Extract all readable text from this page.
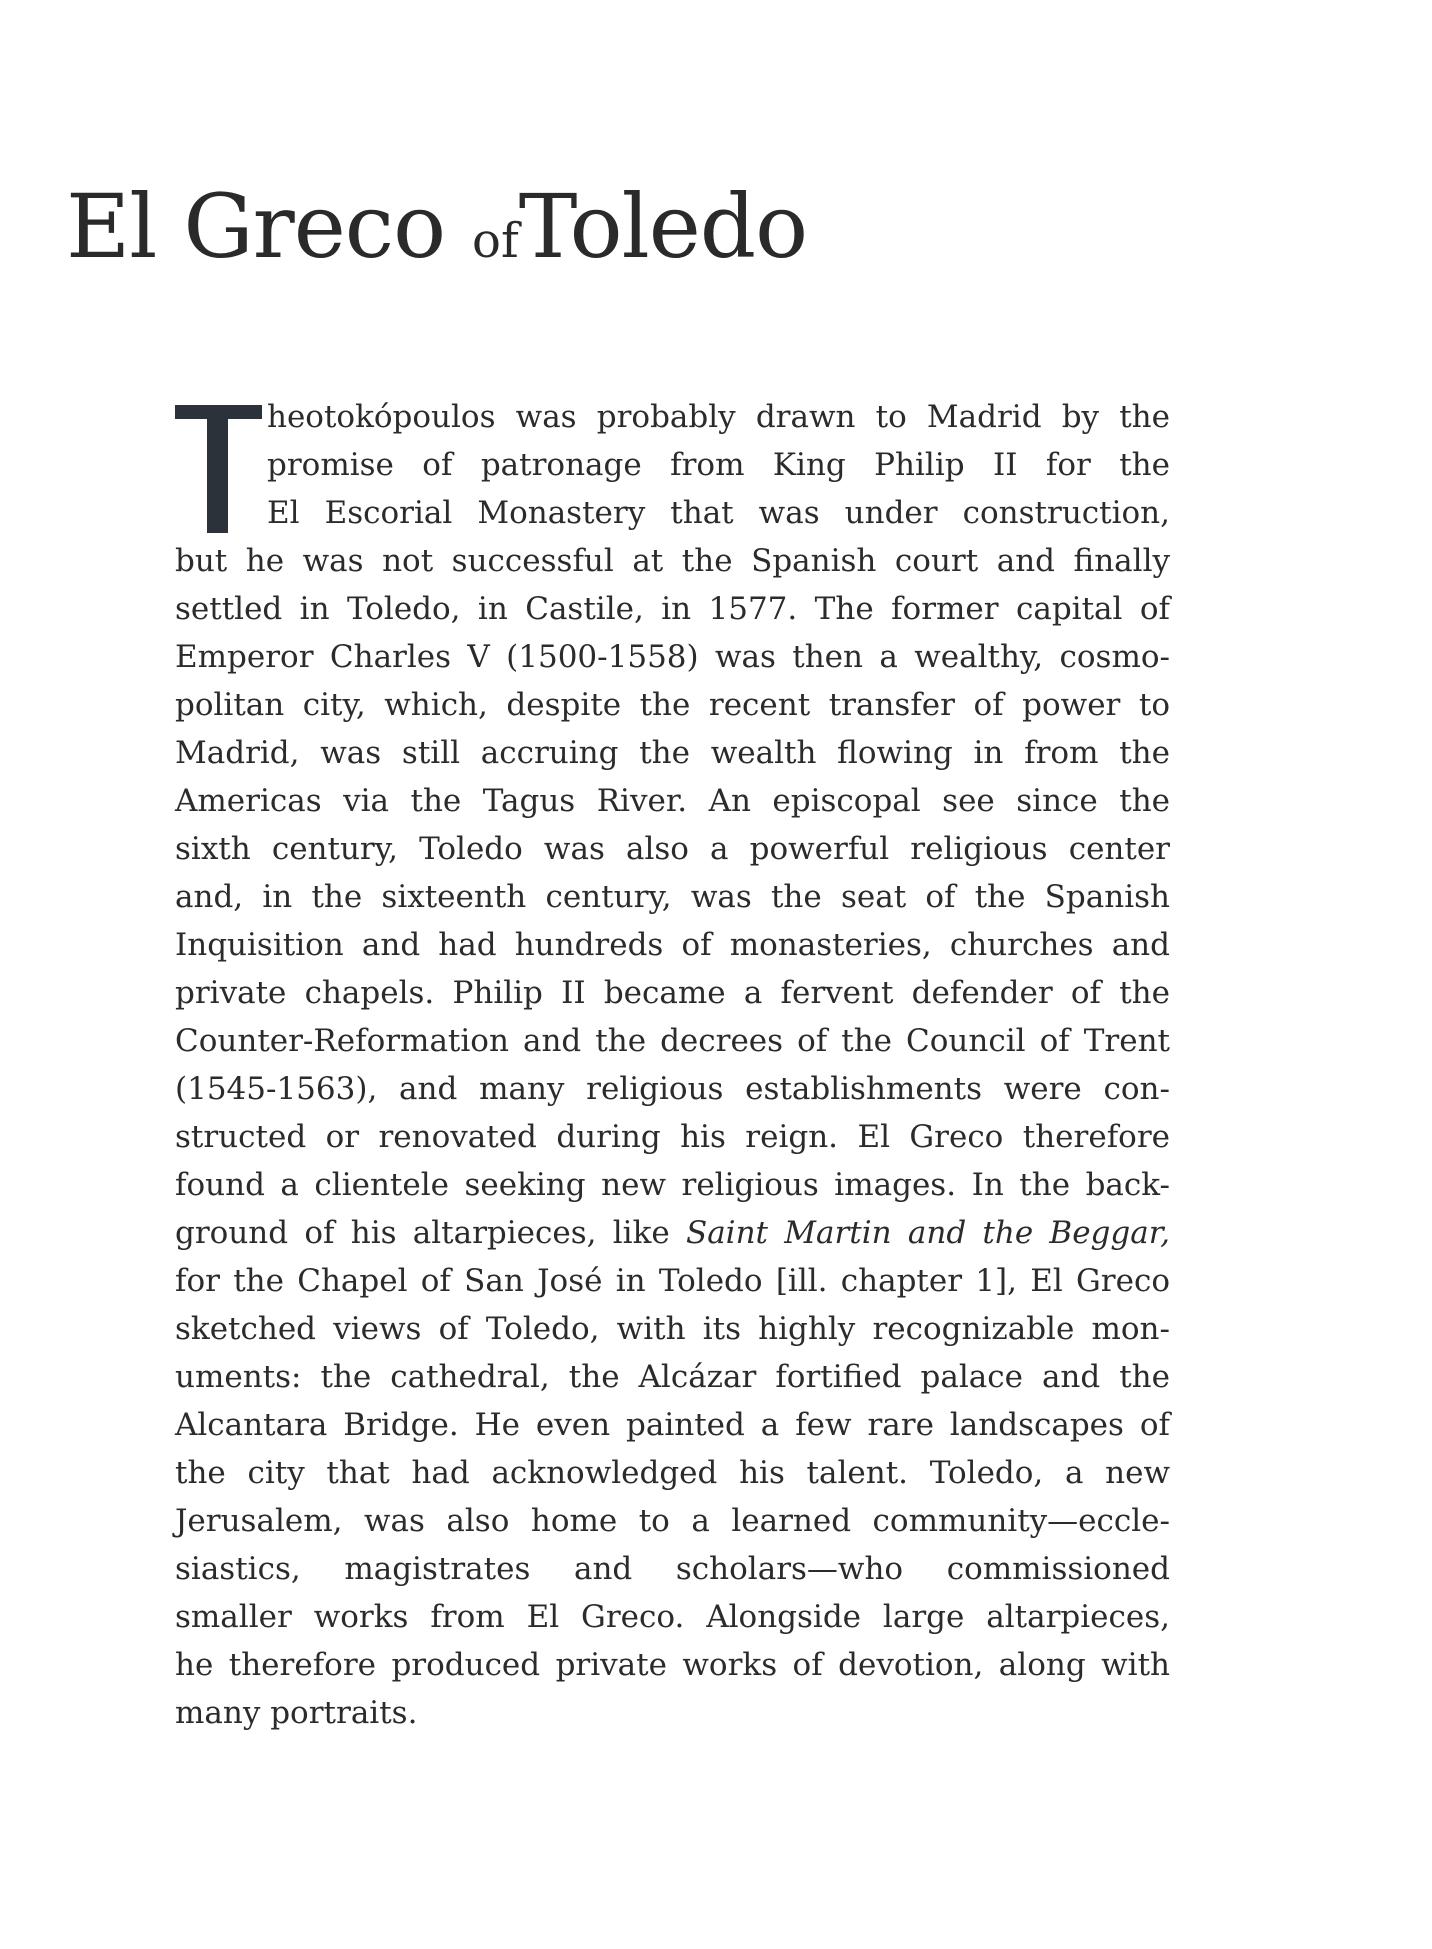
El Greco ofToledo
heotokópoulos was probably drawn to Madrid by the
promise of patronage from King Philip II for the
El Escorial Monastery that was under construction,
but he was not successful at the Spanish court and finally
settled in Toledo, in Castile, in 1577. The former capital of
Emperor Charles V (1500-1558) was then a wealthy, cosmo-
politan city, which, despite the recent transfer of power to
Madrid, was still accruing the wealth flowing in from the
Americas via the Tagus River. An episcopal see since the
sixth century, Toledo was also a powerful religious center
and, in the sixteenth century, was the seat of the Spanish
Inquisition and had hundreds of monasteries, churches and
private chapels. Philip II became a fervent defender of the
Counter-Reformation and the decrees of the Council of Trent
(1545-1563), and many religious establishments were con-
structed or renovated during his reign. El Greco therefore
found a clientele seeking new religious images. In the back-
ground of his altarpieces, like Saint Martin and the Beggar,
for the Chapel of San José in Toledo [ill. chapter 1], El Greco
sketched views of Toledo, with its highly recognizable mon-
uments: the cathedral, the Alcázar fortified palace and the
Alcantara Bridge. He even painted a few rare landscapes of
the city that had acknowledged his talent. Toledo, a new
Jerusalem, was also home to a learned community—eccle-
siastics, magistrates and scholars—who commissioned
smaller works from El Greco. Alongside large altarpieces,
he therefore produced private works of devotion, along with
many portraits.
